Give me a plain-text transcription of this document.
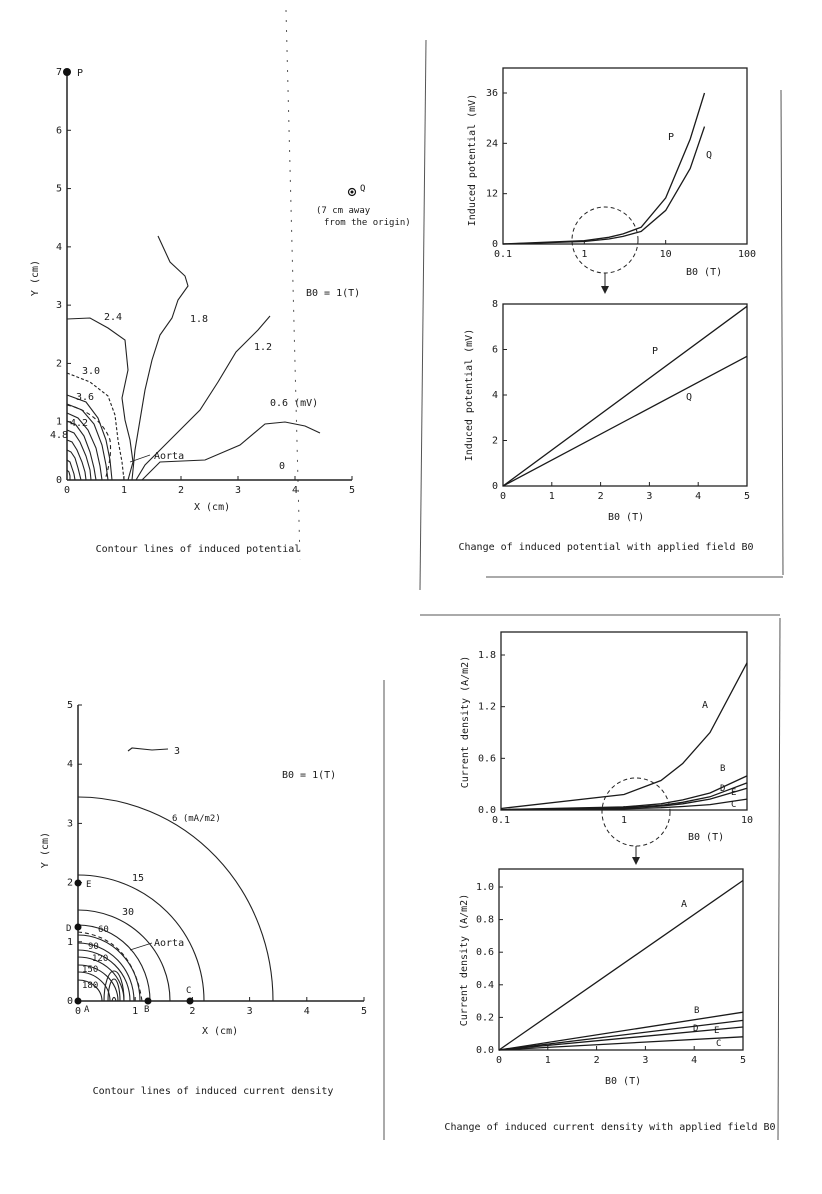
0	1	2	3	4	5
0
1
2
3
4
5
6
7 P
Q
(7 cm away
from the origin)
B0 = 1(T)
2.4	1.8
1.2
0.6 (mV)
0
3.0
3.6
4.2
4.8
Aorta
X (cm)
Y (cm)
Contour lines of induced potential
0.1	1	10	100
0
12
24
36
P
Q
B0 (T)
Induced potential (mV)
0	1	2	3	4	5
0
2
4
6
8
P
Q
B0 (T)
Induced potential (mV)
Change of induced potential with applied field B0
0	1	2	3	4	5
0
1
2
3
4
5
A	B
C
D
E
3
6 (mA/m2)
15
30
60
90
120
150
180
Aorta
B0 = 1(T)
X (cm)
Y (cm)
Contour lines of induced current density
0.1	1	10
0.0
0.6
1.2
1.8
A
B
D E
C
B0 (T)
Current density (A/m2)
0	1	2	3	4	5
0.0
0.2
0.4
0.6
0.8
1.0
A
B
D E
C
B0 (T)
Current density (A/m2)
Change of induced current density with applied field B0
